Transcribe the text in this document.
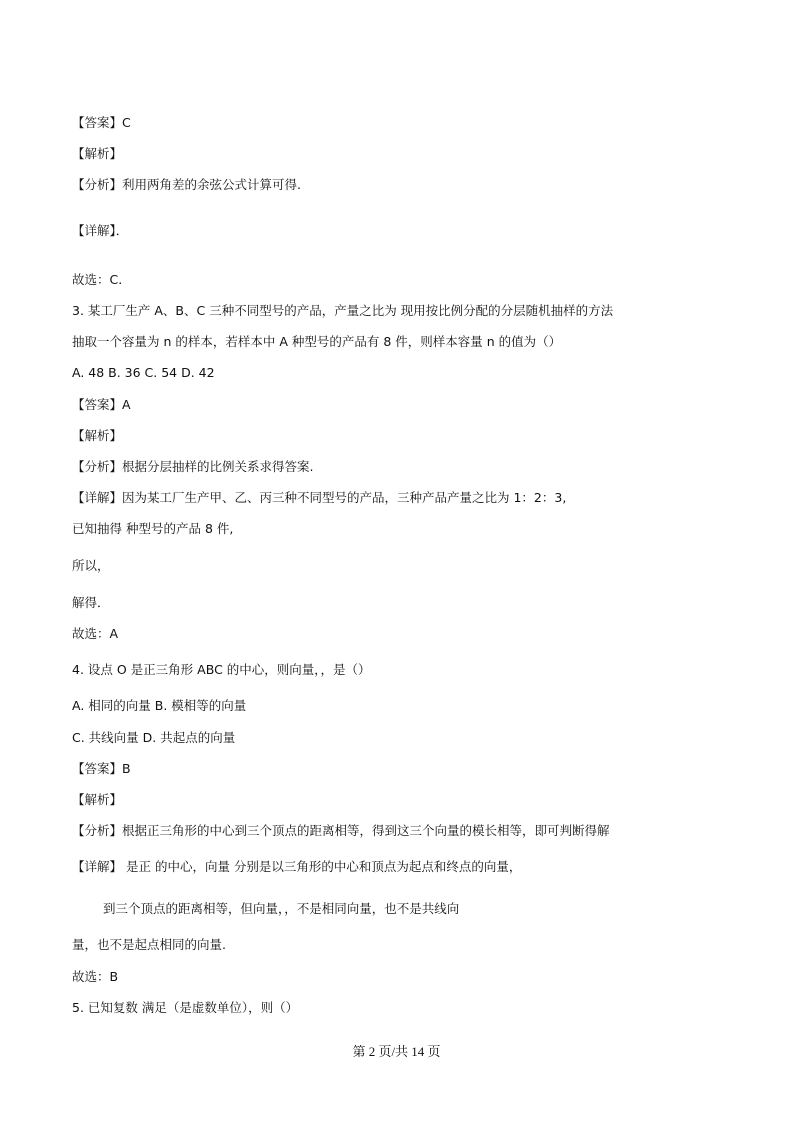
【答案】C
【解析】
【分析】利用两角差的余弦公式计算可得.
【详解】．
故选：C.
3. 某工厂生产 A、B、C 三种不同型号的产品，产量之比为 现用按比例分配的分层随机抽样的方法
抽取一个容量为 n 的样本，若样本中 A 种型号的产品有 8 件，则样本容量 n 的值为（）
A. 48 B. 36 C. 54 D. 42
【答案】A
【解析】
【分析】根据分层抽样的比例关系求得答案.
【详解】因为某工厂生产甲、乙、丙三种不同型号的产品，三种产品产量之比为 1：2：3,
已知抽得 种型号的产品 8 件,
所以，
解得．
故选：A
4. 设点 O 是正三角形 ABC 的中心，则向量，，是（）
A. 相同的向量 B. 模相等的向量
C. 共线向量 D. 共起点的向量
【答案】B
【解析】
【分析】根据正三角形的中心到三个顶点的距离相等，得到这三个向量的模长相等，即可判断得解
【详解】 是正 的中心，向量 分别是以三角形的中心和顶点为起点和终点的向量，
到三个顶点的距离相等，但向量，，不是相同向量，也不是共线向
量，也不是起点相同的向量.
故选：B
5. 已知复数 满足（是虚数单位），则（）
第 2 页/共 14 页
